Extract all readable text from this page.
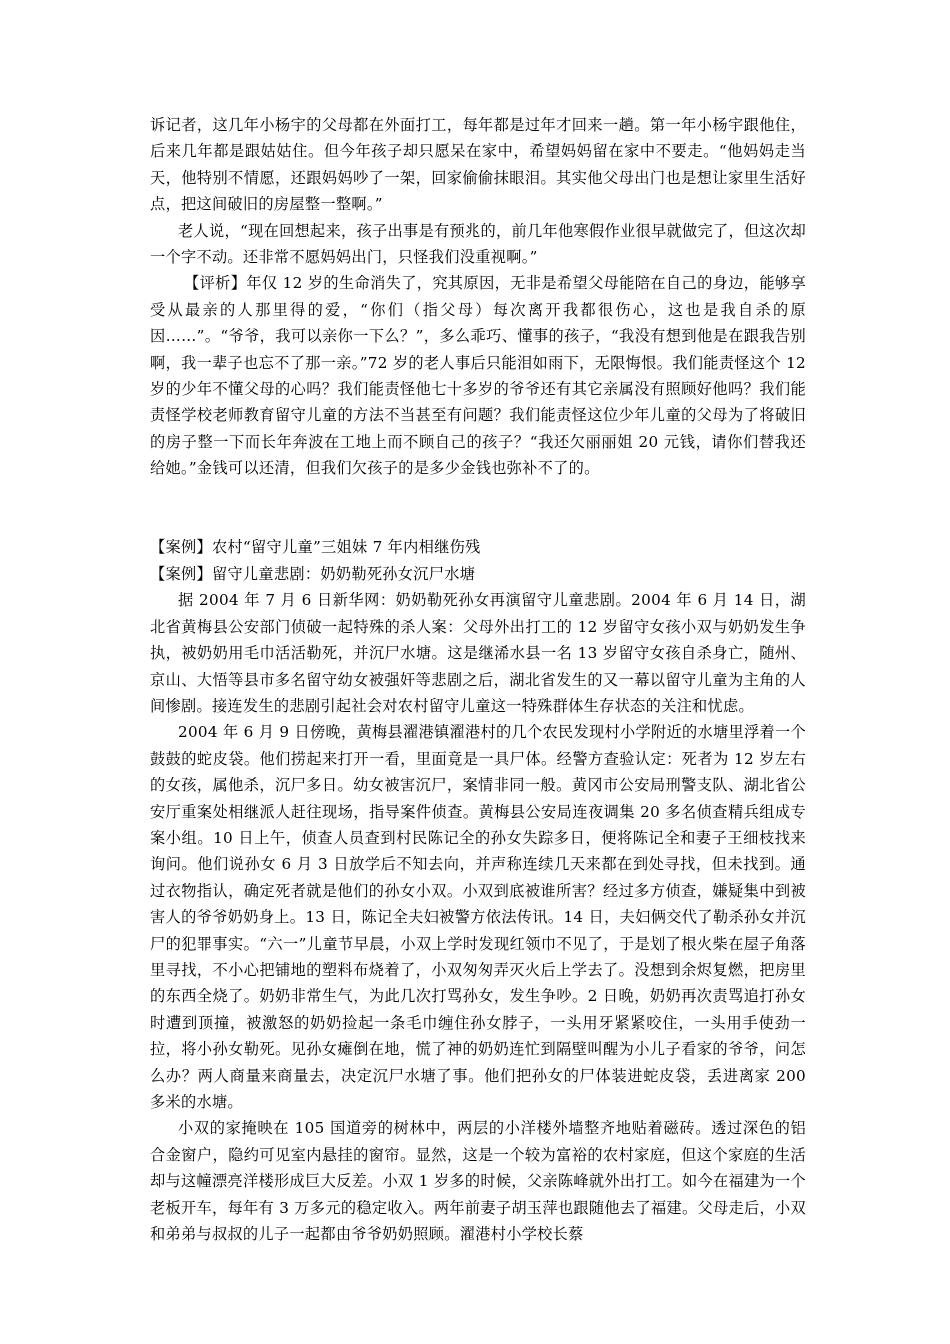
诉记者，这几年小杨宇的父母都在外面打工，每年都是过年才回来一趟。第一年小杨宇跟他住，后来几年都是跟姑姑住。但今年孩子却只愿呆在家中，希望妈妈留在家中不要走。“他妈妈走当天，他特别不情愿，还跟妈妈吵了一架，回家偷偷抹眼泪。其实他父母出门也是想让家里生活好点，把这间破旧的房屋整一整啊。”

老人说，“现在回想起来，孩子出事是有预兆的，前几年他寒假作业很早就做完了，但这次却一个字不动。还非常不愿妈妈出门，只怪我们没重视啊。”

【评析】年仅 12 岁的生命消失了，究其原因，无非是希望父母能陪在自己的身边，能够享受从最亲的人那里得的爱，“你们（指父母）每次离开我都很伤心，这也是我自杀的原因……”。“爷爷，我可以亲你一下么？”，多么乖巧、懂事的孩子，“我没有想到他是在跟我告别啊，我一辈子也忘不了那一亲。”72 岁的老人事后只能泪如雨下，无限悔恨。我们能责怪这个 12 岁的少年不懂父母的心吗？我们能责怪他七十多岁的爷爷还有其它亲属没有照顾好他吗？我们能责怪学校老师教育留守儿童的方法不当甚至有问题？我们能责怪这位少年儿童的父母为了将破旧的房子整一下而长年奔波在工地上而不顾自己的孩子？“我还欠丽丽姐 20 元钱，请你们替我还给她。”金钱可以还清，但我们欠孩子的是多少金钱也弥补不了的。

【案例】农村“留守儿童”三姐妹 7 年内相继伤残

【案例】留守儿童悲剧：奶奶勒死孙女沉尸水塘

据 2004 年 7 月 6 日新华网：奶奶勒死孙女再演留守儿童悲剧。2004 年 6 月 14 日，湖北省黄梅县公安部门侦破一起特殊的杀人案：父母外出打工的 12 岁留守女孩小双与奶奶发生争执，被奶奶用毛巾活活勒死，并沉尸水塘。这是继浠水县一名 13 岁留守女孩自杀身亡，随州、京山、大悟等县市多名留守幼女被强奸等悲剧之后，湖北省发生的又一幕以留守儿童为主角的人间惨剧。接连发生的悲剧引起社会对农村留守儿童这一特殊群体生存状态的关注和忧虑。

2004 年 6 月 9 日傍晚，黄梅县濯港镇濯港村的几个农民发现村小学附近的水塘里浮着一个鼓鼓的蛇皮袋。他们捞起来打开一看，里面竟是一具尸体。经警方查验认定：死者为 12 岁左右的女孩，属他杀，沉尸多日。幼女被害沉尸，案情非同一般。黄冈市公安局刑警支队、湖北省公安厅重案处相继派人赶往现场，指导案件侦查。黄梅县公安局连夜调集 20 多名侦查精兵组成专案小组。10 日上午，侦查人员查到村民陈记全的孙女失踪多日，便将陈记全和妻子王细枝找来询问。他们说孙女 6 月 3 日放学后不知去向，并声称连续几天来都在到处寻找，但未找到。通过衣物指认，确定死者就是他们的孙女小双。小双到底被谁所害？经过多方侦查，嫌疑集中到被害人的爷爷奶奶身上。13 日，陈记全夫妇被警方依法传讯。14 日，夫妇俩交代了勒杀孙女并沉尸的犯罪事实。“六一”儿童节早晨，小双上学时发现红领巾不见了，于是划了根火柴在屋子角落里寻找，不小心把铺地的塑料布烧着了，小双匆匆弄灭火后上学去了。没想到余烬复燃，把房里的东西全烧了。奶奶非常生气，为此几次打骂孙女，发生争吵。2 日晚，奶奶再次责骂追打孙女时遭到顶撞，被激怒的奶奶捡起一条毛巾缠住孙女脖子，一头用牙紧紧咬住，一头用手使劲一拉，将小孙女勒死。见孙女瘫倒在地，慌了神的奶奶连忙到隔壁叫醒为小儿子看家的爷爷，问怎么办？两人商量来商量去，决定沉尸水塘了事。他们把孙女的尸体装进蛇皮袋，丢进离家 200 多米的水塘。

小双的家掩映在 105 国道旁的树林中，两层的小洋楼外墙整齐地贴着磁砖。透过深色的铝合金窗户，隐约可见室内悬挂的窗帘。显然，这是一个较为富裕的农村家庭，但这个家庭的生活却与这幢漂亮洋楼形成巨大反差。小双 1 岁多的时候，父亲陈峰就外出打工。如今在福建为一个老板开车，每年有 3 万多元的稳定收入。两年前妻子胡玉萍也跟随他去了福建。父母走后，小双和弟弟与叔叔的儿子一起都由爷爷奶奶照顾。濯港村小学校长蔡
